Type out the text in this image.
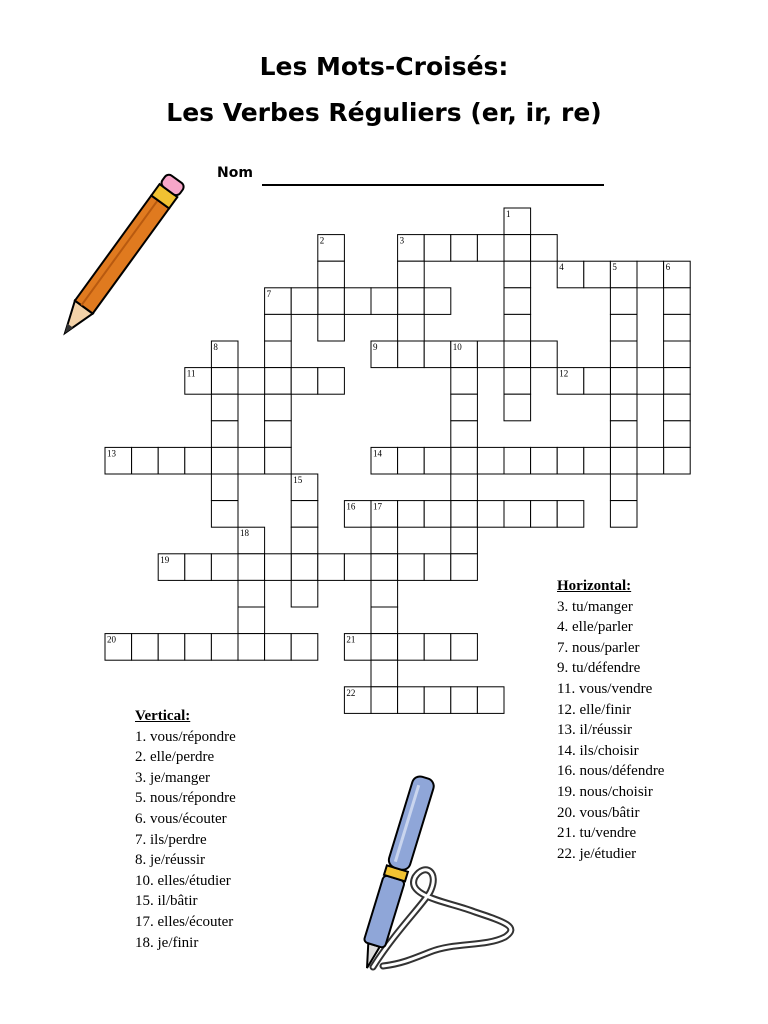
Les Mots-Croisés:
Les Verbes Réguliers (er, ir, re)
Nom
1
2	3
4	5	6
7
8	9	10
11	12
13	14
15
16 17
18
19
20	21
22
Horizontal:
3. tu/manger
4. elle/parler
7. nous/parler
9. tu/défendre
11. vous/vendre
12. elle/finir
13. il/réussir
14. ils/choisir
16. nous/défendre
19. nous/choisir
20. vous/bâtir
21. tu/vendre
22. je/étudier
Vertical:
1. vous/répondre
2. elle/perdre
3. je/manger
5. nous/répondre
6. vous/écouter
7. ils/perdre
8. je/réussir
10. elles/étudier
15. il/bâtir
17. elles/écouter
18. je/finir
